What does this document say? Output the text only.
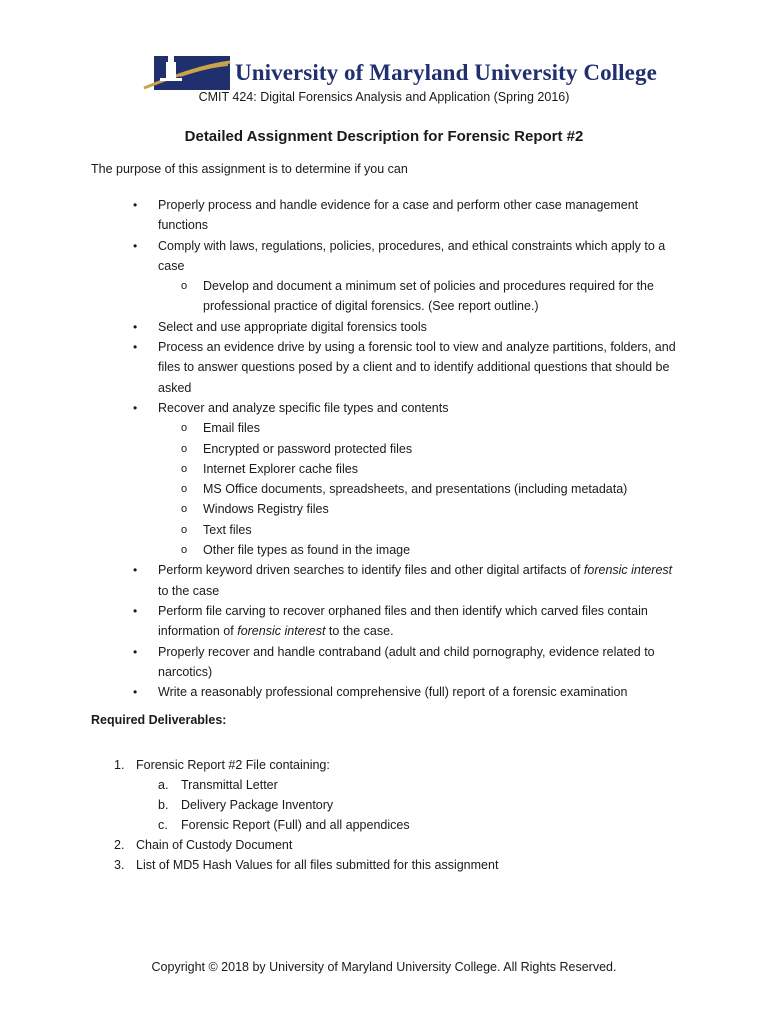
University of Maryland University College
CMIT 424: Digital Forensics Analysis and Application (Spring 2016)
Detailed Assignment Description for Forensic Report #2
The purpose of this assignment is to determine if you can
• Properly process and handle evidence for a case and perform other case management functions
• Comply with laws, regulations, policies, procedures, and ethical constraints which apply to a case
o Develop and document a minimum set of policies and procedures required for the professional practice of digital forensics. (See report outline.)
• Select and use appropriate digital forensics tools
• Process an evidence drive by using a forensic tool to view and analyze partitions, folders, and files to answer questions posed by a client and to identify additional questions that should be asked
• Recover and analyze specific file types and contents
o Email files
o Encrypted or password protected files
o Internet Explorer cache files
o MS Office documents, spreadsheets, and presentations (including metadata)
o Windows Registry files
o Text files
o Other file types as found in the image
• Perform keyword driven searches to identify files and other digital artifacts of forensic interest to the case
• Perform file carving to recover orphaned files and then identify which carved files contain information of forensic interest to the case.
• Properly recover and handle contraband (adult and child pornography, evidence related to narcotics)
• Write a reasonably professional comprehensive (full) report of a forensic examination
Required Deliverables:
1. Forensic Report #2 File containing:
a. Transmittal Letter
b. Delivery Package Inventory
c. Forensic Report (Full) and all appendices
2. Chain of Custody Document
3. List of MD5 Hash Values for all files submitted for this assignment
Copyright © 2018 by University of Maryland University College. All Rights Reserved.
